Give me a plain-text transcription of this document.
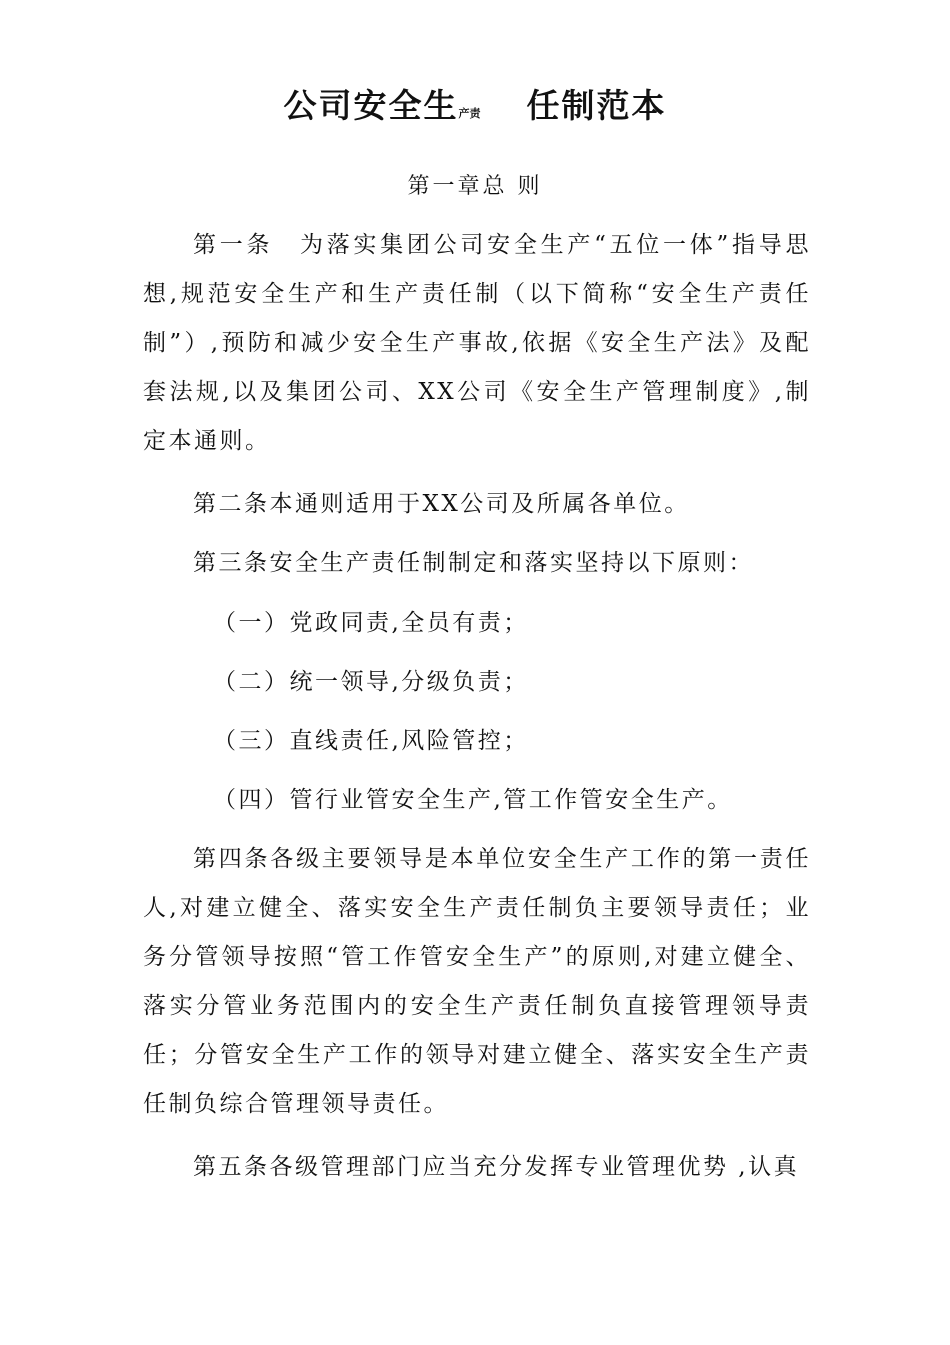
公司安全生产责 任制范本
第一章总 则
第一条　为落实集团公司安全生产“五位一体”指导思想,规范安全生产和生产责任制（以下简称“安全生产责任制”）,预防和减少安全生产事故,依据《安全生产法》及配套法规,以及集团公司、XX公司《安全生产管理制度》,制定本通则。
第二条本通则适用于XX公司及所属各单位。
第三条安全生产责任制制定和落实坚持以下原则：
（一）党政同责,全员有责；
（二）统一领导,分级负责；
（三）直线责任,风险管控；
（四）管行业管安全生产,管工作管安全生产。
第四条各级主要领导是本单位安全生产工作的第一责任人,对建立健全、落实安全生产责任制负主要领导责任；业务分管领导按照“管工作管安全生产”的原则,对建立健全、落实分管业务范围内的安全生产责任制负直接管理领导责任；分管安全生产工作的领导对建立健全、落实安全生产责任制负综合管理领导责任。
第五条各级管理部门应当充分发挥专业管理优势 ,认真
